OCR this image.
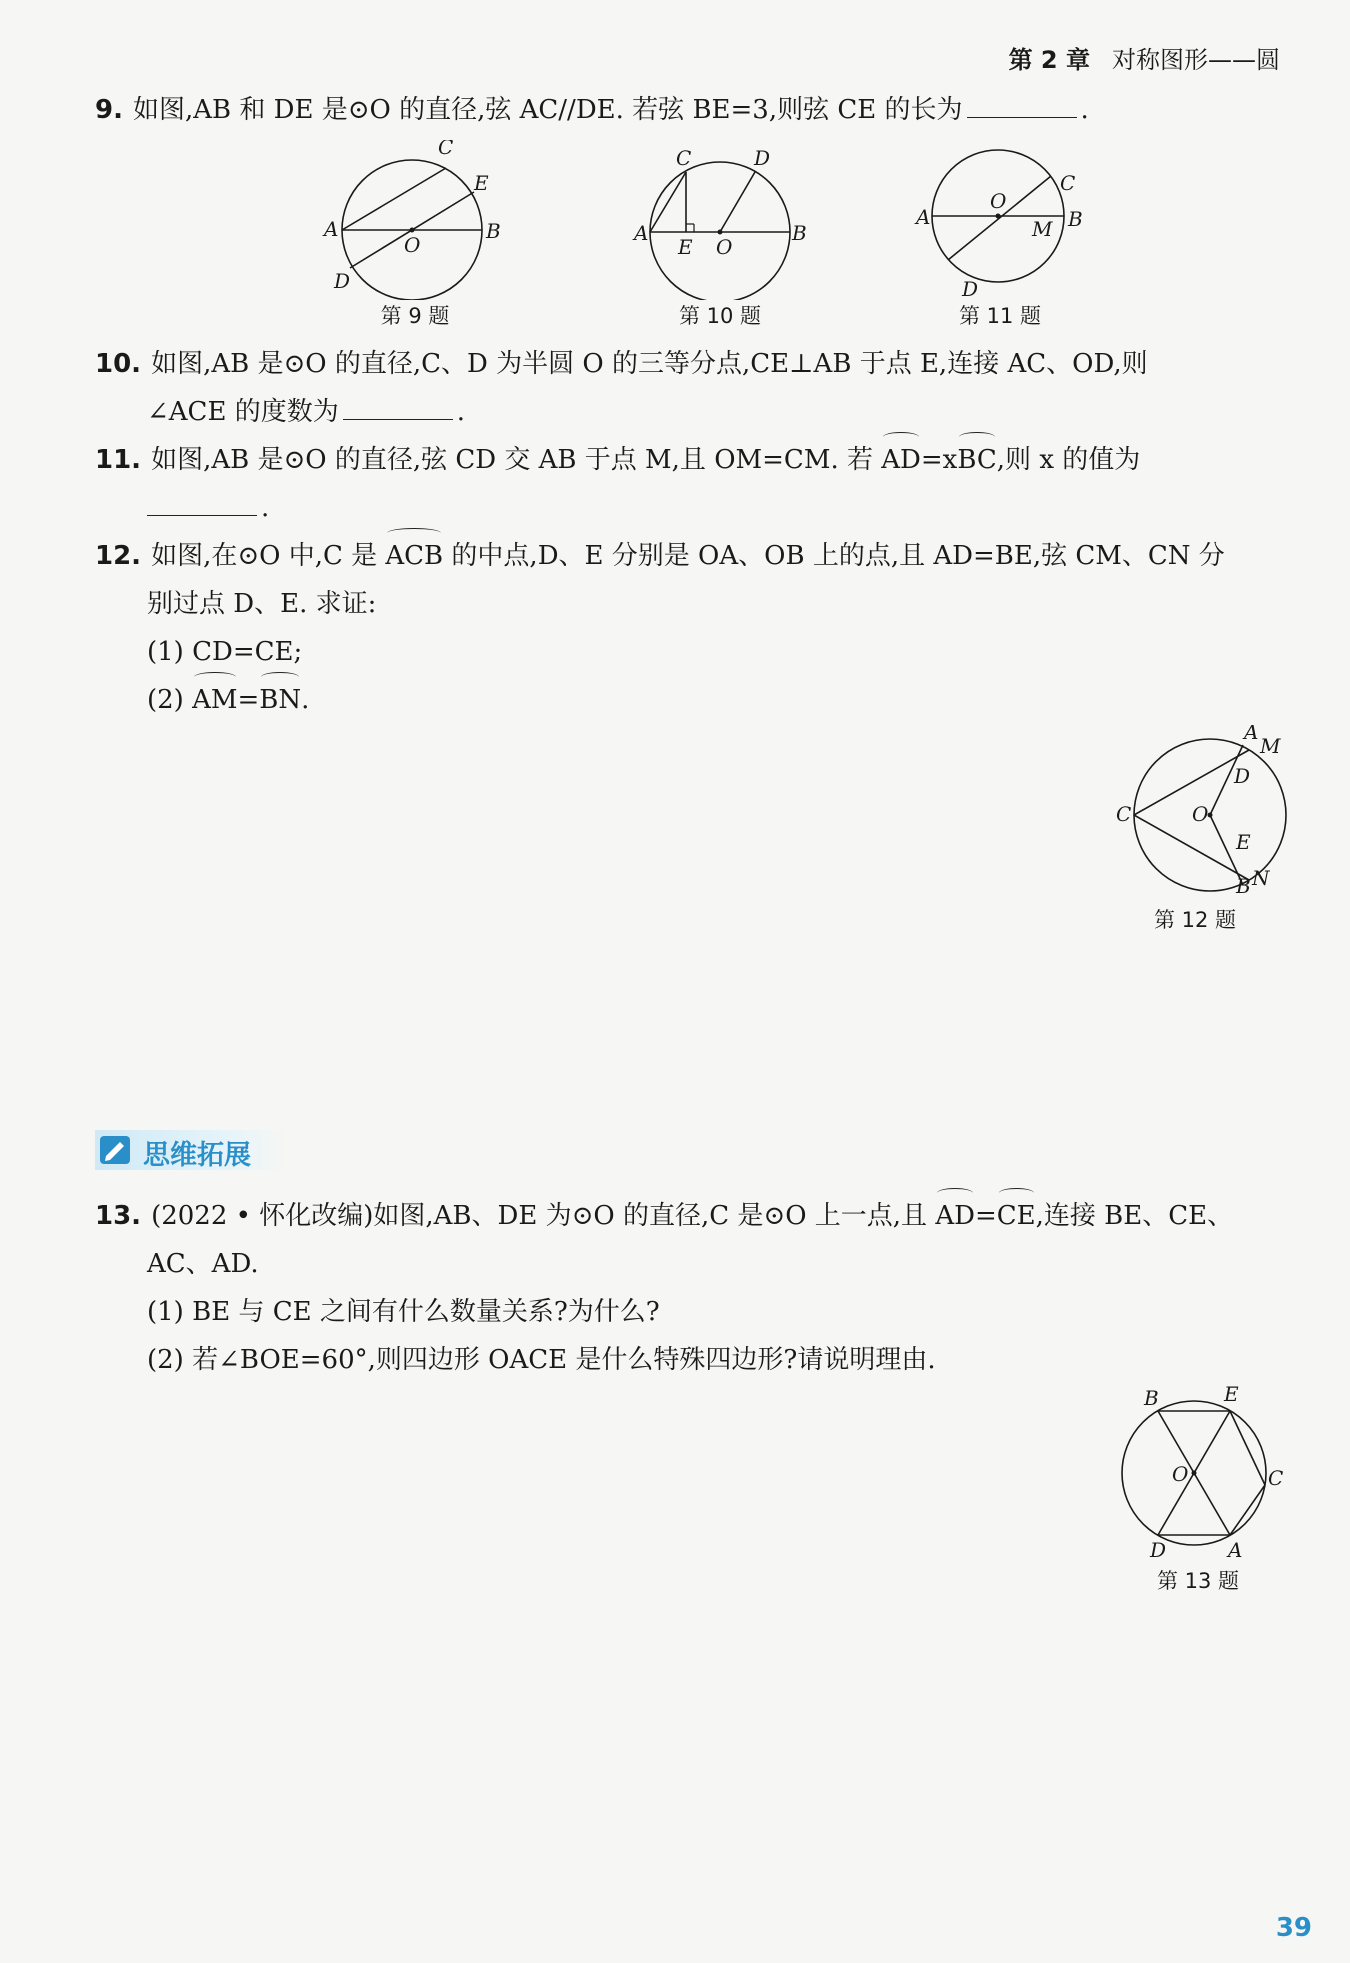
第 2 章 对称图形——圆
9. 如图,AB 和 DE 是⊙O 的直径,弦 AC//DE. 若弦 BE=3,则弦 CE 的长为	.
A	B
C
D
E
O
第 9 题
A	B
C	D
E O
第 10 题
A	B
C
D
M
O
第 11 题
10. 如图,AB 是⊙O 的直径,C、D 为半圆 O 的三等分点,CE⊥AB 于点 E,连接 AC、OD,则
∠ACE 的度数为	.
11. 如图,AB 是⊙O 的直径,弦 CD 交 AB 于点 M,且 OM=CM. 若 AD=xBC,则 x 的值为
.
12. 如图,在⊙O 中,C 是 ACB 的中点,D、E 分别是 OA、OB 上的点,且 AD=BE,弦 CM、CN 分
别过点 D、E. 求证:
(1) CD=CE;
(2) AM=BN.
A
B
C
D
E
M
N
O
第 12 题
思维拓展
13. (2022 • 怀化改编)如图,AB、DE 为⊙O 的直径,C 是⊙O 上一点,且 AD=CE,连接 BE、CE、
AC、AD.
(1) BE 与 CE 之间有什么数量关系?为什么?
(2) 若∠BOE=60°,则四边形 OACE 是什么特殊四边形?请说明理由.
A
B
C
D
E
O
第 13 题
39
